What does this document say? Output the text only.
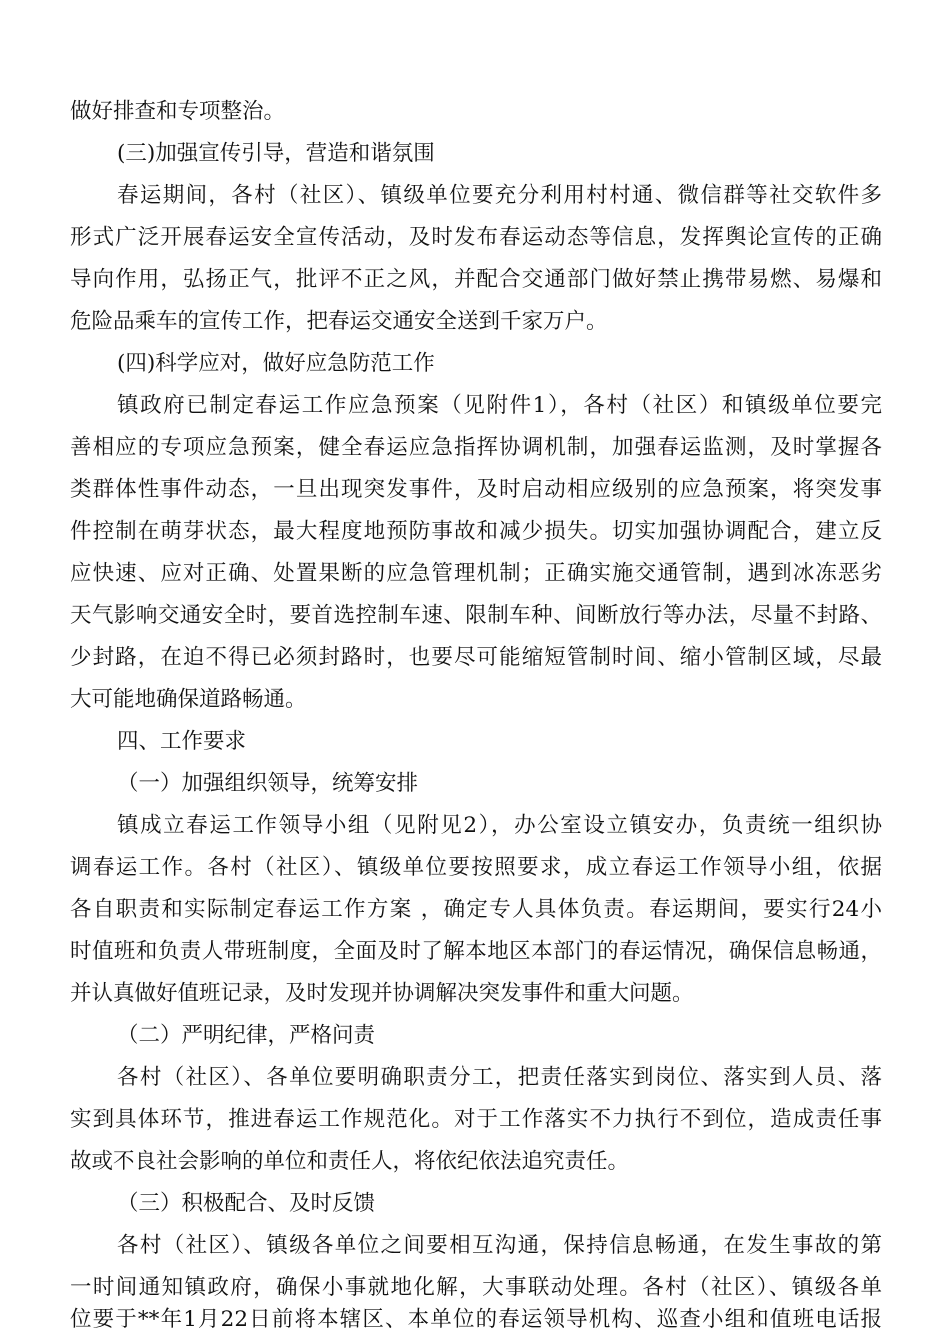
做好排查和专项整治。
(三)加强宣传引导，营造和谐氛围
春运期间，各村（社区）、镇级单位要充分利用村村通、微信群等社交软件多
形式广泛开展春运安全宣传活动，及时发布春运动态等信息，发挥舆论宣传的正确
导向作用，弘扬正气，批评不正之风，并配合交通部门做好禁止携带易燃、易爆和
危险品乘车的宣传工作，把春运交通安全送到千家万户。
(四)科学应对，做好应急防范工作
镇政府已制定春运工作应急预案（见附件1），各村（社区）和镇级单位要完
善相应的专项应急预案，健全春运应急指挥协调机制，加强春运监测，及时掌握各
类群体性事件动态，一旦出现突发事件，及时启动相应级别的应急预案，将突发事
件控制在萌芽状态，最大程度地预防事故和减少损失。切实加强协调配合，建立反
应快速、应对正确、处置果断的应急管理机制；正确实施交通管制，遇到冰冻恶劣
天气影响交通安全时，要首选控制车速、限制车种、间断放行等办法，尽量不封路、
少封路，在迫不得已必须封路时，也要尽可能缩短管制时间、缩小管制区域，尽最
大可能地确保道路畅通。
四、工作要求
（一）加强组织领导，统筹安排
镇成立春运工作领导小组（见附见2），办公室设立镇安办，负责统一组织协
调春运工作。各村（社区）、镇级单位要按照要求，成立春运工作领导小组，依据
各自职责和实际制定春运工作方案 ，确定专人具体负责。春运期间，要实行24小
时值班和负责人带班制度，全面及时了解本地区本部门的春运情况，确保信息畅通，
并认真做好值班记录，及时发现并协调解决突发事件和重大问题。
（二）严明纪律，严格问责
各村（社区）、各单位要明确职责分工，把责任落实到岗位、落实到人员、落
实到具体环节，推进春运工作规范化。对于工作落实不力执行不到位，造成责任事
故或不良社会影响的单位和责任人，将依纪依法追究责任。
（三）积极配合、及时反馈
各村（社区）、镇级各单位之间要相互沟通，保持信息畅通，在发生事故的第
一时间通知镇政府，确保小事就地化解，大事联动处理。各村（社区）、镇级各单
位要于**年1月22日前将本辖区、本单位的春运领导机构、巡查小组和值班电话报
